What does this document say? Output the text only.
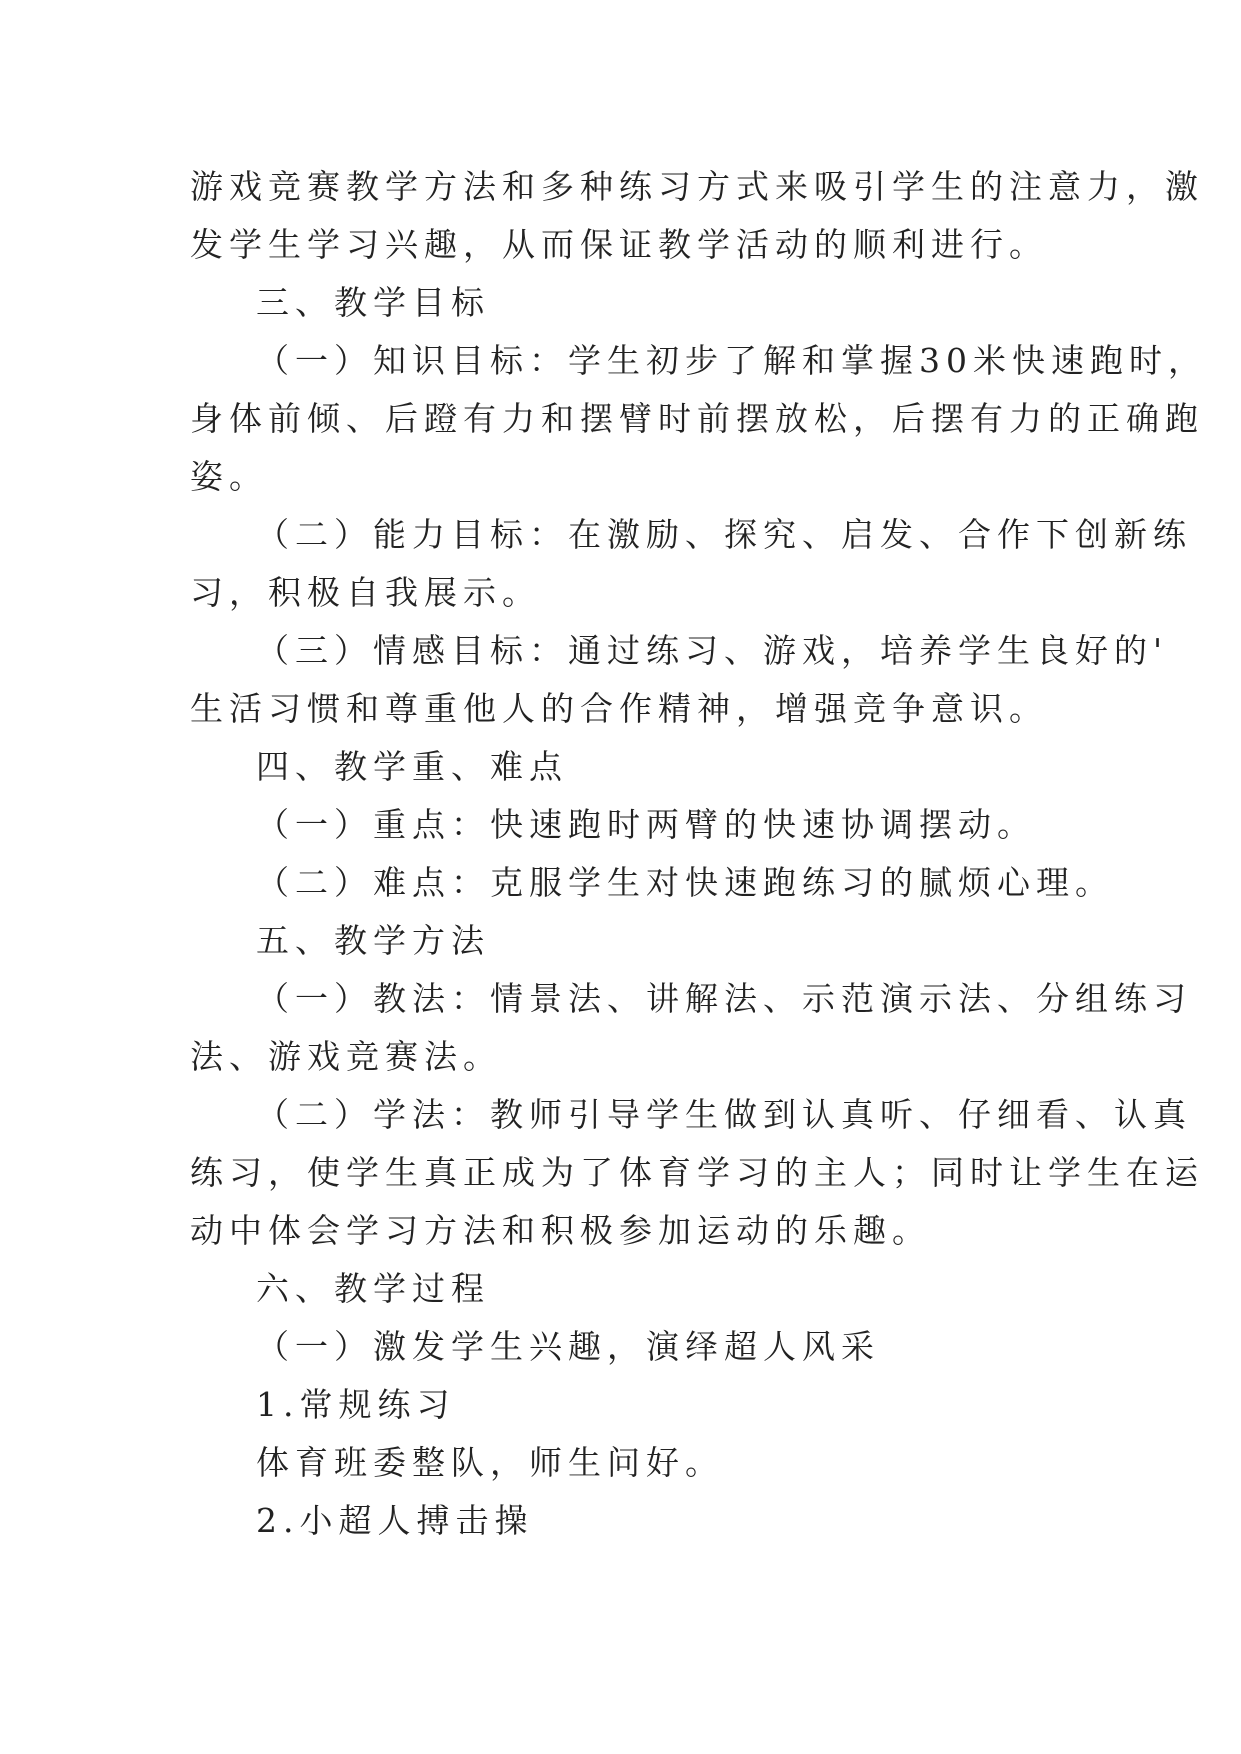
游戏竞赛教学方法和多种练习方式来吸引学生的注意力，激
发学生学习兴趣，从而保证教学活动的顺利进行。
三、教学目标
（一）知识目标：学生初步了解和掌握30米快速跑时，
身体前倾、后蹬有力和摆臂时前摆放松，后摆有力的正确跑
姿。
（二）能力目标：在激励、探究、启发、合作下创新练
习，积极自我展示。
（三）情感目标：通过练习、游戏，培养学生良好的'
生活习惯和尊重他人的合作精神，增强竞争意识。
四、教学重、难点
（一）重点：快速跑时两臂的快速协调摆动。
（二）难点：克服学生对快速跑练习的腻烦心理。
五、教学方法
（一）教法：情景法、讲解法、示范演示法、分组练习
法、游戏竞赛法。
（二）学法：教师引导学生做到认真听、仔细看、认真
练习，使学生真正成为了体育学习的主人；同时让学生在运
动中体会学习方法和积极参加运动的乐趣。
六、教学过程
（一）激发学生兴趣，演绎超人风采
1.常规练习
体育班委整队，师生问好。
2.小超人搏击操
